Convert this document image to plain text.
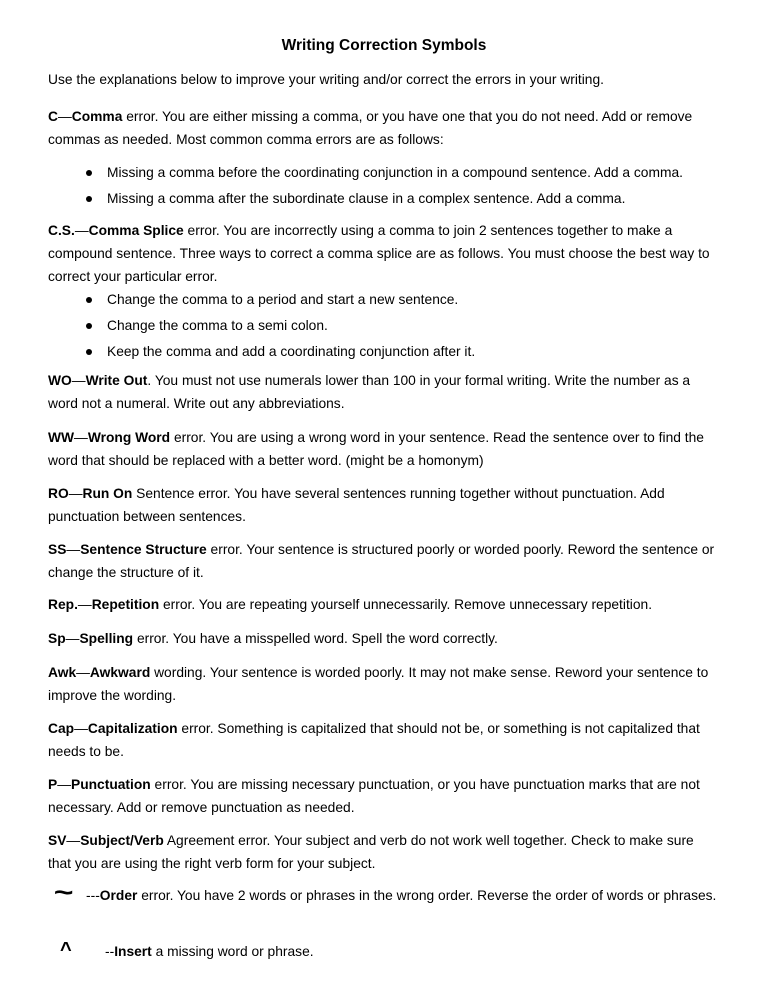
Writing Correction Symbols

Use the explanations below to improve your writing and/or correct the errors in your writing.

C—Comma error. You are either missing a comma, or you have one that you do not need. Add or remove commas as needed. Most common comma errors are as follows:

Missing a comma before the coordinating conjunction in a compound sentence. Add a comma.
Missing a comma after the subordinate clause in a complex sentence. Add a comma.

C.S.—Comma Splice error. You are incorrectly using a comma to join 2 sentences together to make a compound sentence. Three ways to correct a comma splice are as follows. You must choose the best way to correct your particular error.

Change the comma to a period and start a new sentence.
Change the comma to a semi colon.
Keep the comma and add a coordinating conjunction after it.

WO—Write Out. You must not use numerals lower than 100 in your formal writing. Write the number as a word not a numeral. Write out any abbreviations.

WW—Wrong Word error. You are using a wrong word in your sentence. Read the sentence over to find the word that should be replaced with a better word. (might be a homonym)

RO—Run On Sentence error. You have several sentences running together without punctuation. Add punctuation between sentences.

SS—Sentence Structure error. Your sentence is structured poorly or worded poorly. Reword the sentence or change the structure of it.

Rep.—Repetition error. You are repeating yourself unnecessarily. Remove unnecessary repetition.

Sp—Spelling error. You have a misspelled word. Spell the word correctly.

Awk—Awkward wording. Your sentence is worded poorly. It may not make sense. Reword your sentence to improve the wording.

Cap—Capitalization error. Something is capitalized that should not be, or something is not capitalized that needs to be.

P—Punctuation error. You are missing necessary punctuation, or you have punctuation marks that are not necessary. Add or remove punctuation as needed.

SV—Subject/Verb Agreement error. Your subject and verb do not work well together. Check to make sure that you are using the right verb form for your subject.

~ ---Order error. You have 2 words or phrases in the wrong order. Reverse the order of words or phrases.

^ --Insert a missing word or phrase.
